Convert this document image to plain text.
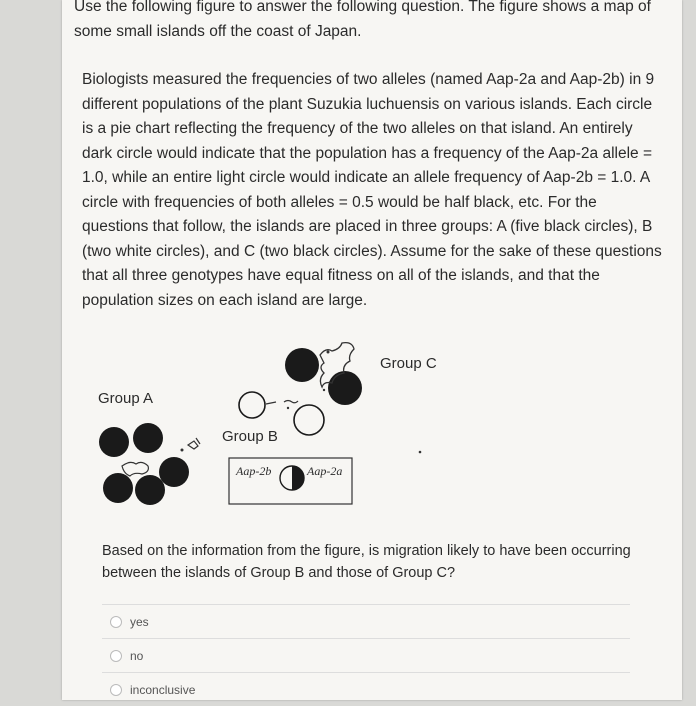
Use the following figure to answer the following question. The figure shows a map of some small islands off the coast of Japan.
Biologists measured the frequencies of two alleles (named Aap-2a and Aap-2b) in 9 different populations of the plant Suzukia luchuensis on various islands. Each circle is a pie chart reflecting the frequency of the two alleles on that island. An entirely dark circle would indicate that the population has a frequency of the Aap-2a allele = 1.0, while an entire light circle would indicate an allele frequency of Aap-2b = 1.0. A circle with frequencies of both alleles = 0.5 would be half black, etc. For the questions that follow, the islands are placed in three groups: A (five black circles), B (two white circles), and C (two black circles). Assume for the sake of these questions that all three genotypes have equal fitness on all of the islands, and that the population sizes on each island are large.
Group A
Group B
Group C
Aap-2b	Aap-2a
Based on the information from the figure, is migration likely to have been occurring between the islands of Group B and those of Group C?
yes
no
inconclusive
